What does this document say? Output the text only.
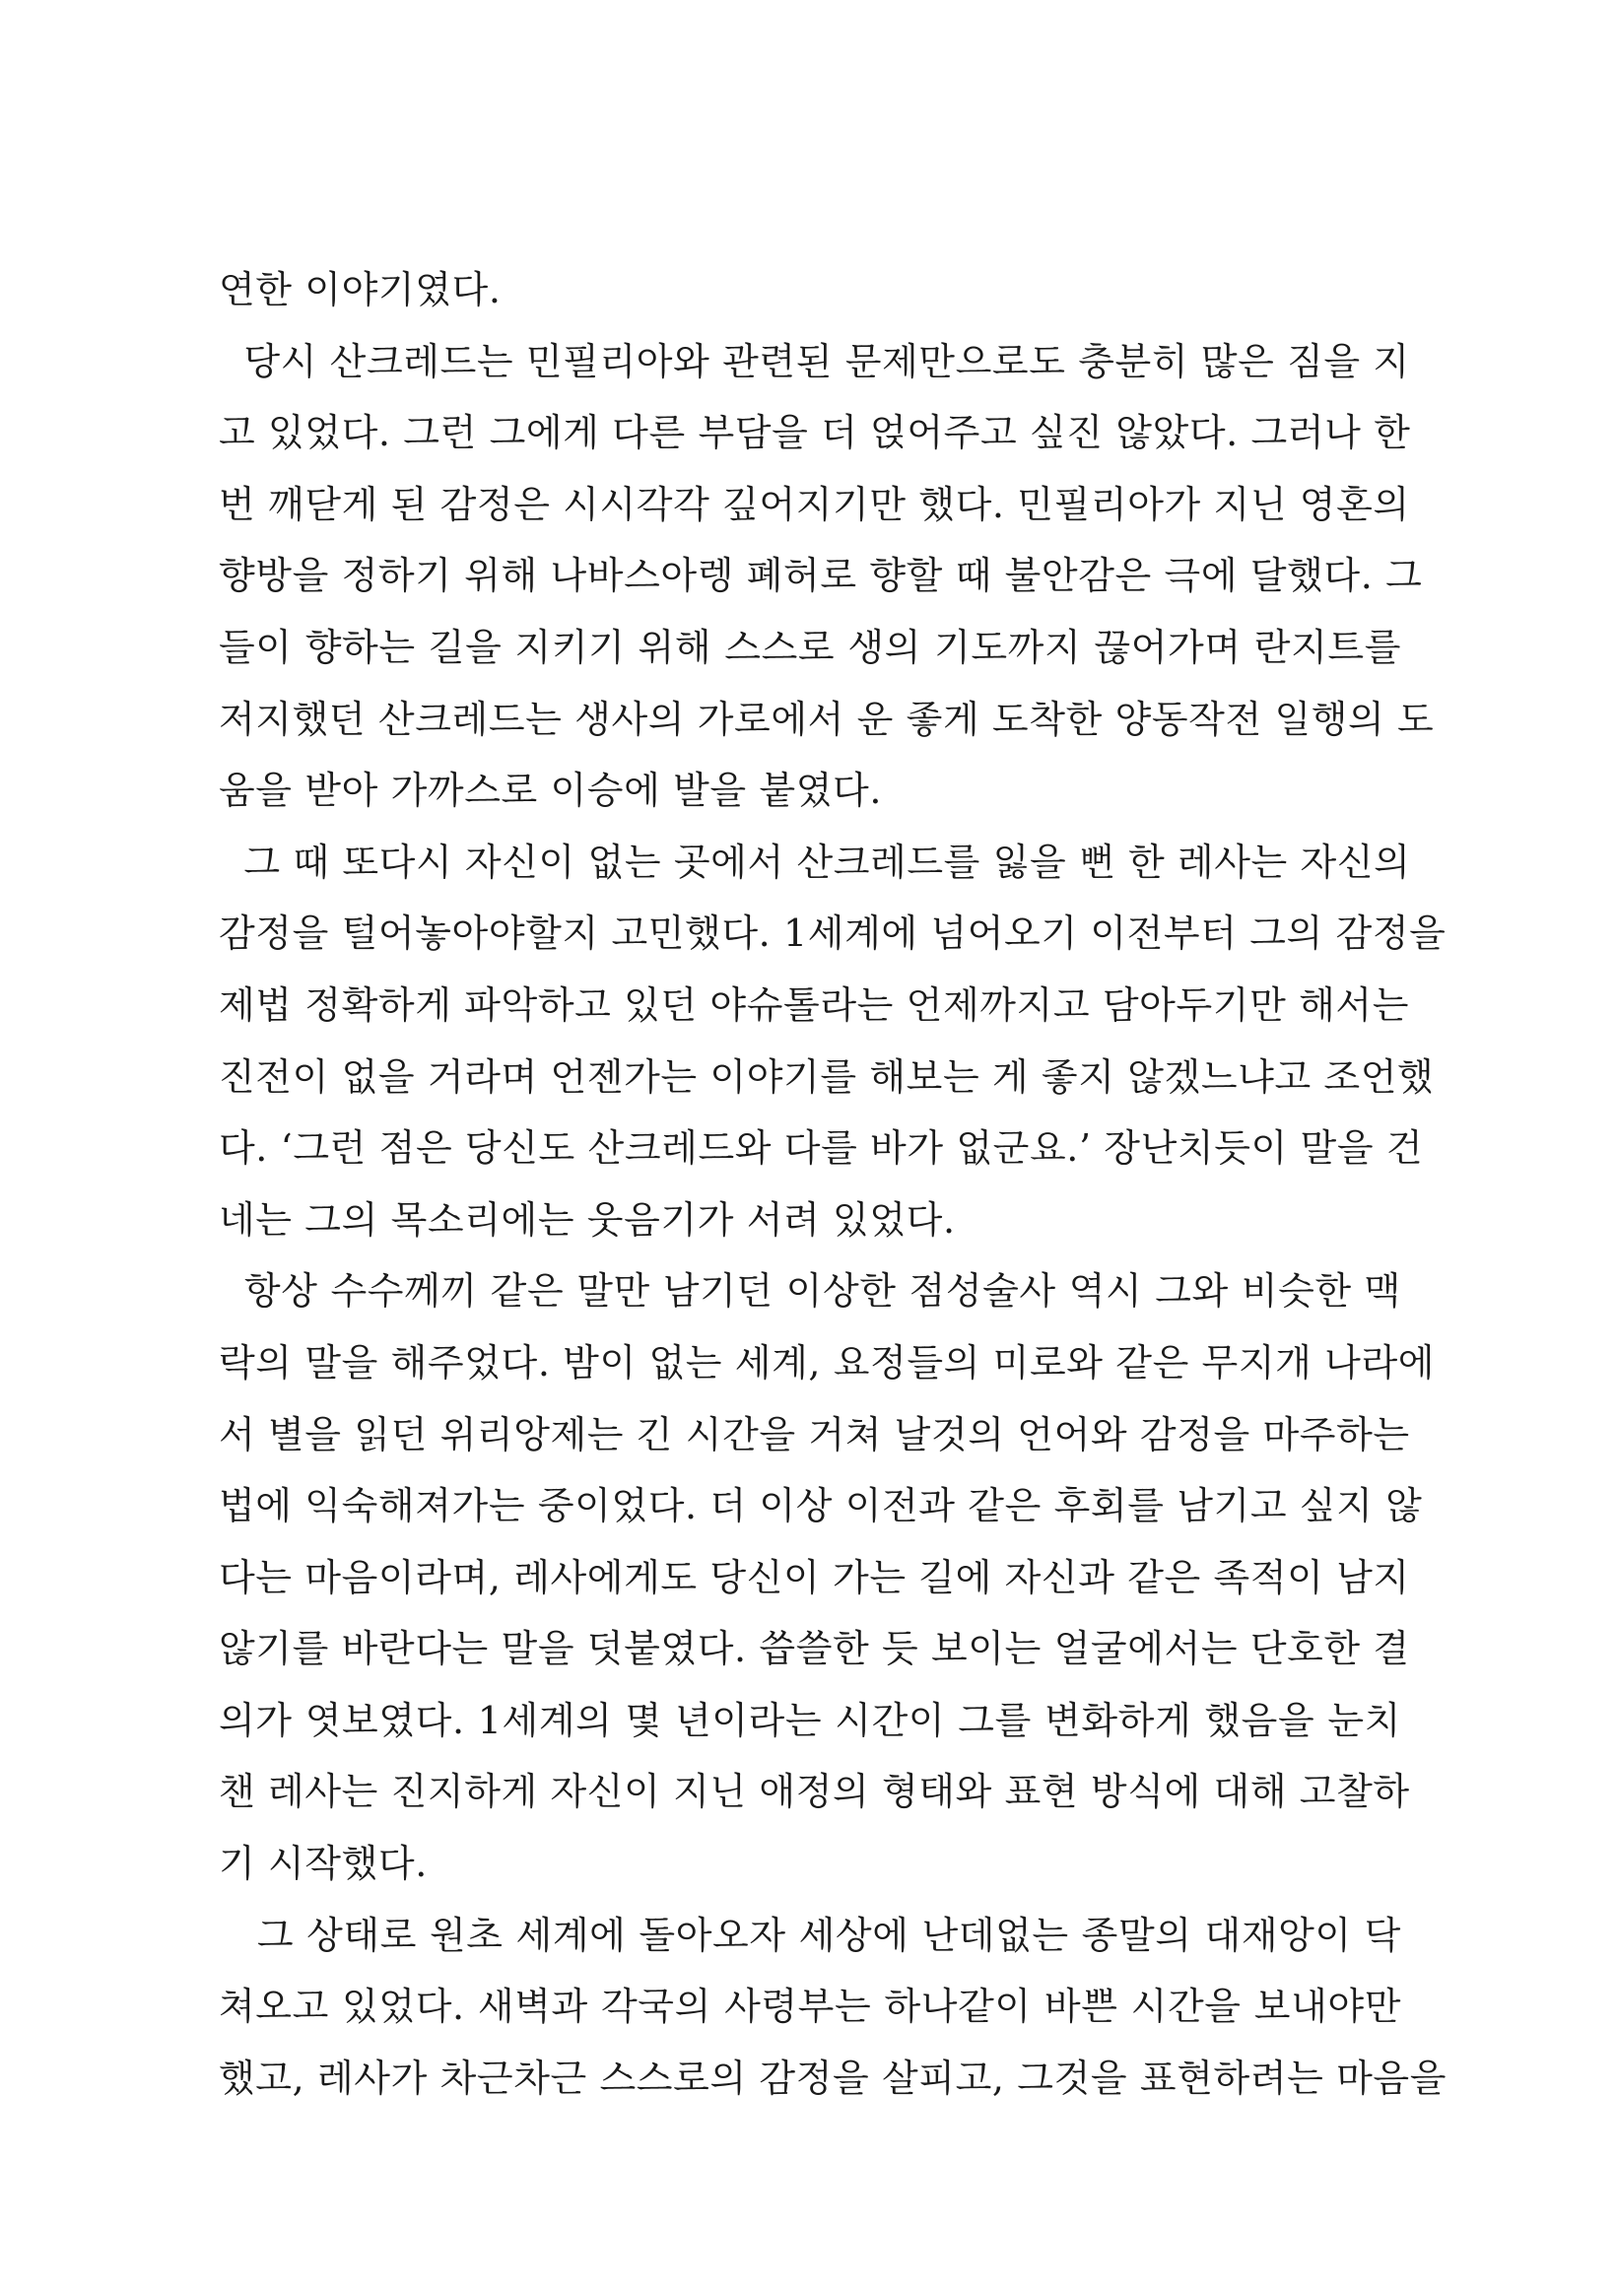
연한 이야기였다.
당시 산크레드는 민필리아와 관련된 문제만으로도 충분히 많은 짐을 지
고 있었다. 그런 그에게 다른 부담을 더 얹어주고 싶진 않았다. 그러나 한
번 깨닫게 된 감정은 시시각각 깊어지기만 했다. 민필리아가 지닌 영혼의
향방을 정하기 위해 나바스아렝 폐허로 향할 때 불안감은 극에 달했다. 그
들이 향하는 길을 지키기 위해 스스로 생의 기도까지 끊어가며 란지트를
저지했던 산크레드는 생사의 가로에서 운 좋게 도착한 양동작전 일행의 도
움을 받아 가까스로 이승에 발을 붙였다.
그 때 또다시 자신이 없는 곳에서 산크레드를 잃을 뻔 한 레사는 자신의
감정을 털어놓아야할지 고민했다. 1세계에 넘어오기 이전부터 그의 감정을
제법 정확하게 파악하고 있던 야슈톨라는 언제까지고 담아두기만 해서는
진전이 없을 거라며 언젠가는 이야기를 해보는 게 좋지 않겠느냐고 조언했
다. ‘그런 점은 당신도 산크레드와 다를 바가 없군요.’ 장난치듯이 말을 건
네는 그의 목소리에는 웃음기가 서려 있었다.
항상 수수께끼 같은 말만 남기던 이상한 점성술사 역시 그와 비슷한 맥
락의 말을 해주었다. 밤이 없는 세계, 요정들의 미로와 같은 무지개 나라에
서 별을 읽던 위리앙제는 긴 시간을 거쳐 날것의 언어와 감정을 마주하는
법에 익숙해져가는 중이었다. 더 이상 이전과 같은 후회를 남기고 싶지 않
다는 마음이라며, 레사에게도 당신이 가는 길에 자신과 같은 족적이 남지
않기를 바란다는 말을 덧붙였다. 씁쓸한 듯 보이는 얼굴에서는 단호한 결
의가 엿보였다. 1세계의 몇 년이라는 시간이 그를 변화하게 했음을 눈치
챈 레사는 진지하게 자신이 지닌 애정의 형태와 표현 방식에 대해 고찰하
기 시작했다.
그 상태로 원초 세계에 돌아오자 세상에 난데없는 종말의 대재앙이 닥
쳐오고 있었다. 새벽과 각국의 사령부는 하나같이 바쁜 시간을 보내야만
했고, 레사가 차근차근 스스로의 감정을 살피고, 그것을 표현하려는 마음을
